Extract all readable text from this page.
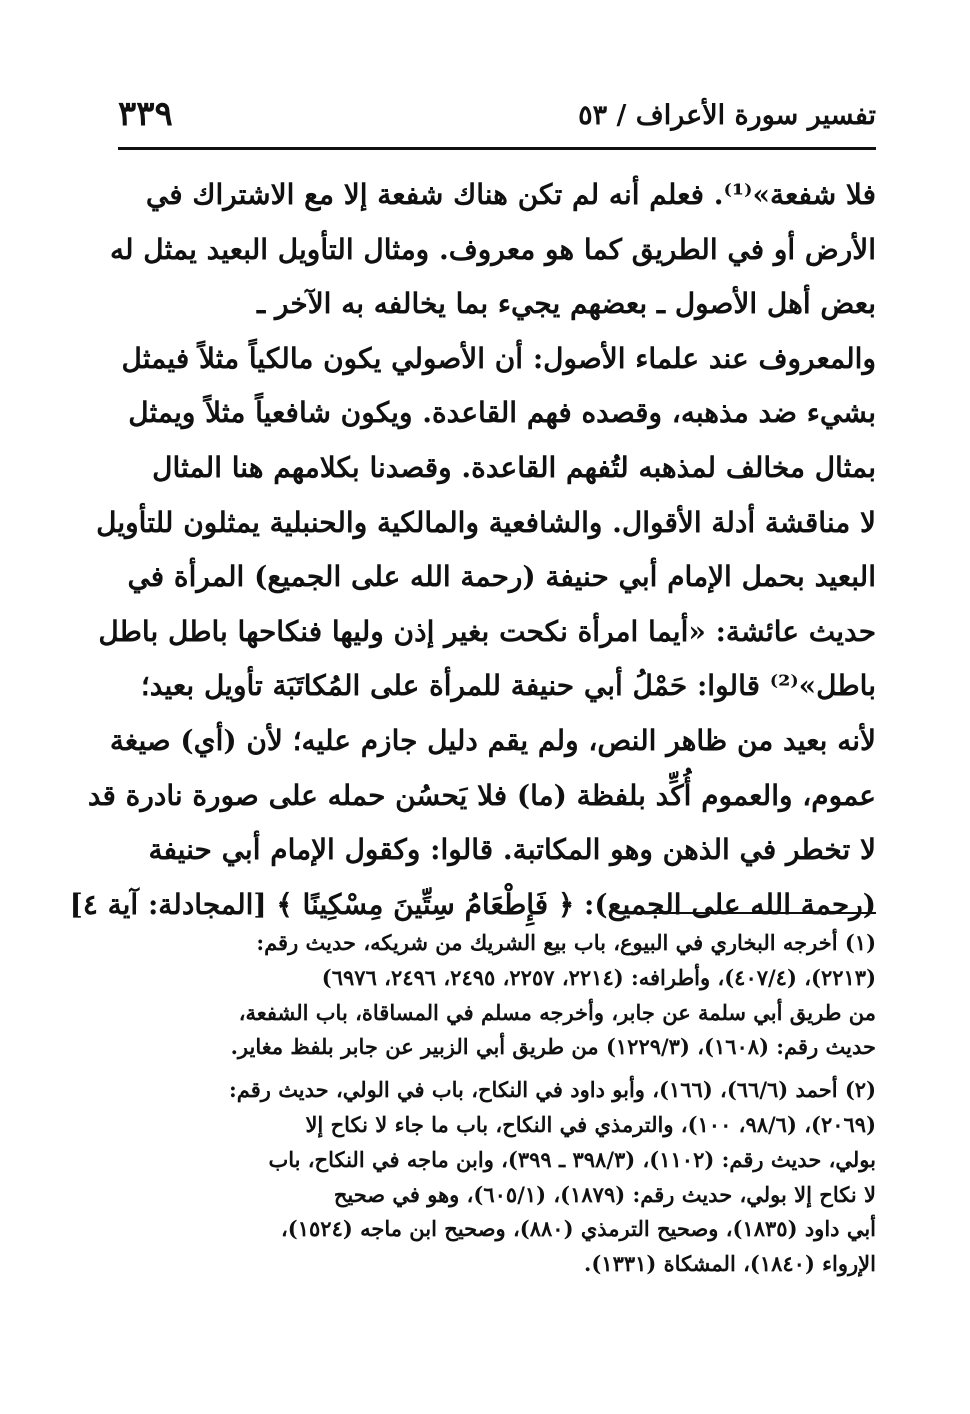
تفسير سورة الأعراف / ٥٣
٣٣٩
فلا شفعة»⁽¹⁾. فعلم أنه لم تكن هناك شفعة إلا مع الاشتراك في
الأرض أو في الطريق كما هو معروف. ومثال التأويل البعيد يمثل له
بعض أهل الأصول ـ بعضهم يجيء بما يخالفه به الآخر ـ
والمعروف عند علماء الأصول: أن الأصولي يكون مالكياً مثلاً فيمثل
بشيء ضد مذهبه، وقصده فهم القاعدة. ويكون شافعياً مثلاً ويمثل
بمثال مخالف لمذهبه لتُفهم القاعدة. وقصدنا بكلامهم هنا المثال
لا مناقشة أدلة الأقوال. والشافعية والمالكية والحنبلية يمثلون للتأويل
البعيد بحمل الإمام أبي حنيفة (رحمة الله على الجميع) المرأة في
حديث عائشة: «أيما امرأة نكحت بغير إذن وليها فنكاحها باطل باطل
باطل»⁽²⁾ قالوا: حَمْلُ أبي حنيفة للمرأة على المُكاتَبَة تأويل بعيد؛
لأنه بعيد من ظاهر النص، ولم يقم دليل جازم عليه؛ لأن (أي) صيغة
عموم، والعموم أُكِّد بلفظة (ما) فلا يَحسُن حمله على صورة نادرة قد
لا تخطر في الذهن وهو المكاتبة. قالوا: وكقول الإمام أبي حنيفة
(رحمة الله على الجميع): ﴿ فَإِطْعَامُ سِتِّينَ مِسْكِينًا ﴾ [المجادلة: آية ٤]
(١) أخرجه البخاري في البيوع، باب بيع الشريك من شريكه، حديث رقم:
(٢٢١٣)، (٤٠٧/٤)، وأطرافه: (٢٢١٤، ٢٢٥٧، ٢٤٩٥، ٢٤٩٦، ٦٩٧٦)
من طريق أبي سلمة عن جابر، وأخرجه مسلم في المساقاة، باب الشفعة،
حديث رقم: (١٦٠٨)، (١٢٢٩/٣) من طريق أبي الزبير عن جابر بلفظ مغاير.
(٢) أحمد (٦٦/٦)، (١٦٦)، وأبو داود في النكاح، باب في الولي، حديث رقم:
(٢٠٦٩)، (٩٨/٦، ١٠٠)، والترمذي في النكاح، باب ما جاء لا نكاح إلا
بولي، حديث رقم: (١١٠٢)، (٣٩٨/٣ ـ ٣٩٩)، وابن ماجه في النكاح، باب
لا نكاح إلا بولي، حديث رقم: (١٨٧٩)، (٦٠٥/١)، وهو في صحيح
أبي داود (١٨٣٥)، وصحيح الترمذي (٨٨٠)، وصحيح ابن ماجه (١٥٢٤)،
الإرواء (١٨٤٠)، المشكاة (١٣٣١).
